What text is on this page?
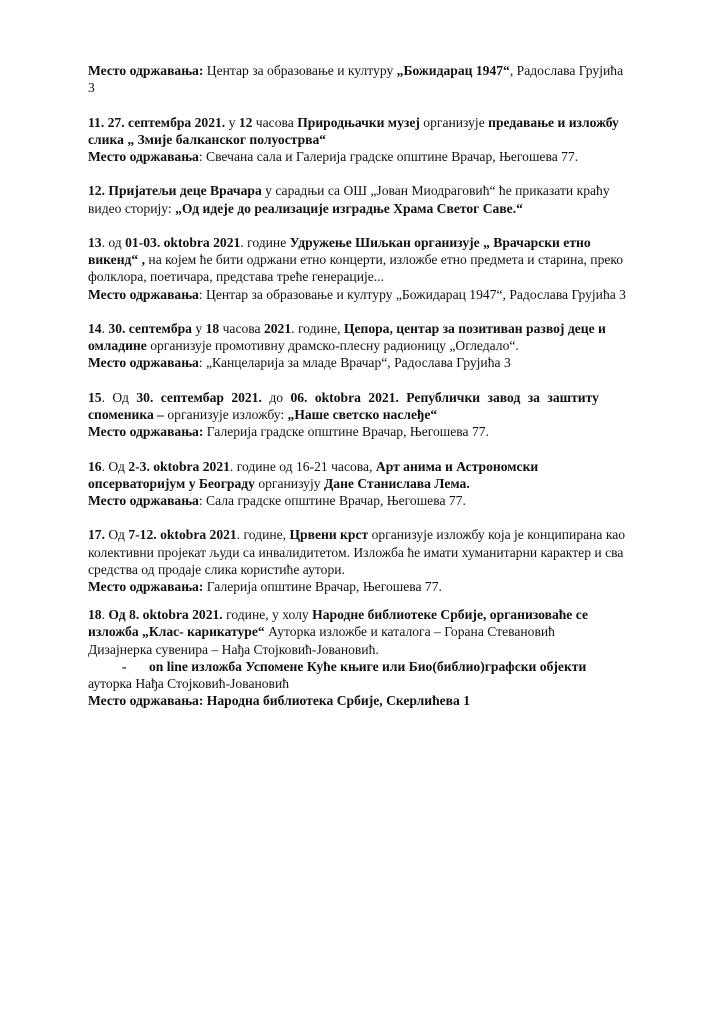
Место одржавања: Центар за образовање и културу „Божидарац 1947“, Радослава Грујића

3

11. 27. септембра 2021. у 12 часова Природњачки музеј организује предавање и изложбу

слика „ Змије балканског полуострва“

Место одржавања: Свечана сала и Галерија градске општине Врачар, Његошева 77.

12. Пријатељи деце Врачара у сарадњи са ОШ „Јован Миодраговић“ ће приказати краћу

видео сторију: „Од идеје до реализације изградње Храма Светог Саве.“

13. од 01-03. oktobra 2021. године Удружење Шиљкан организује „ Врачарски етно

викенд“ , на којем ће бити одржани етно концерти, изложбе етно предмета и старина, преко

фолклора, поетичара, представа треће генерације...

Место одржавања: Центар за образовање и културу „Божидарац 1947“, Радослава Грујића 3

14. 30. септембра у 18 часова 2021. године, Цепора, центар за позитиван развој деце и

омладине организује промотивну драмско-плесну радионицу „Огледало“.

Место одржавања: „Канцеларија за младе Врачар“, Радослава Грујића 3

15. Од 30. септембар 2021. до 06. oktobra 2021. Републички завод за заштиту

споменика – организује изложбу: „Наше светско наслеђе“

Место одржавања: Галерија градске општине Врачар, Његошева 77.

16. Од 2-3. oktobra 2021. године од 16-21 часова, Арт анима и Астрономски

опсерваторијум у Београду организују Дане Станислава Лема.

Место одржавања: Сала градске општине Врачар, Његошева 77.

17. Од 7-12. oktobra 2021. године, Црвени крст организује изложбу која је конципирана као

колективни пројекат људи са инвалидитетом. Изложба ће имати хуманитарни карактер и сва

средства од продаје слика користиће аутори.

Место одржавања: Галерија општине Врачар, Његошева 77.

18. Од 8. oktobra 2021. године, у холу Народне библиотеке Србије, организоваће се

изложба „Клас- карикатуре“ Ауторка изложбе и каталога – Горана Стевановић

Дизајнерка сувенира – Нађа Стојковић-Јовановић.

- on line изложба Успомене Куће књиге или Био(библио)графски објекти

ауторка Нађа Стојковић-Јовановић

Место одржавања: Народна библиотека Србије, Скерлићева 1
